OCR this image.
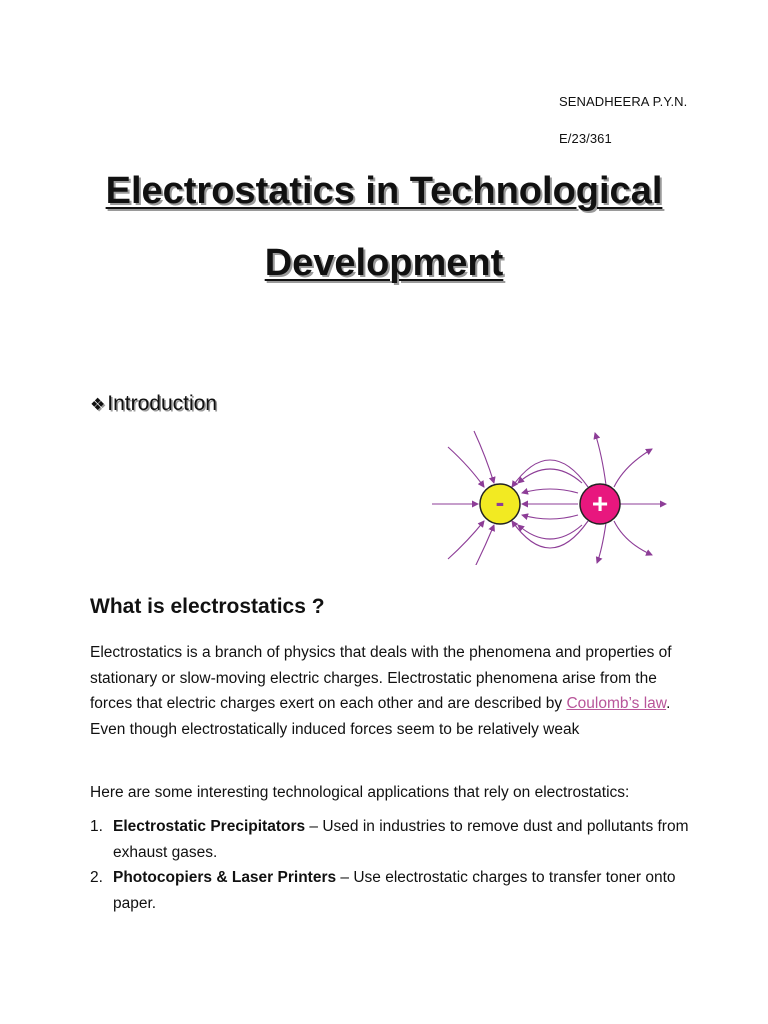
SENADHEERA P.Y.N.
E/23/361
Electrostatics in Technological
Development
❖Introduction
-	+
What is electrostatics ?

Electrostatics is a branch of physics that deals with the phenomena and properties of stationary or slow-moving electric charges. Electrostatic phenomena arise from the forces that electric charges exert on each other and are described by Coulomb’s law. Even though electrostatically induced forces seem to be relatively weak

Here are some interesting technological applications that rely on electrostatics:

1. Electrostatic Precipitators – Used in industries to remove dust and pollutants from exhaust gases.
2. Photocopiers & Laser Printers – Use electrostatic charges to transfer toner onto paper.
